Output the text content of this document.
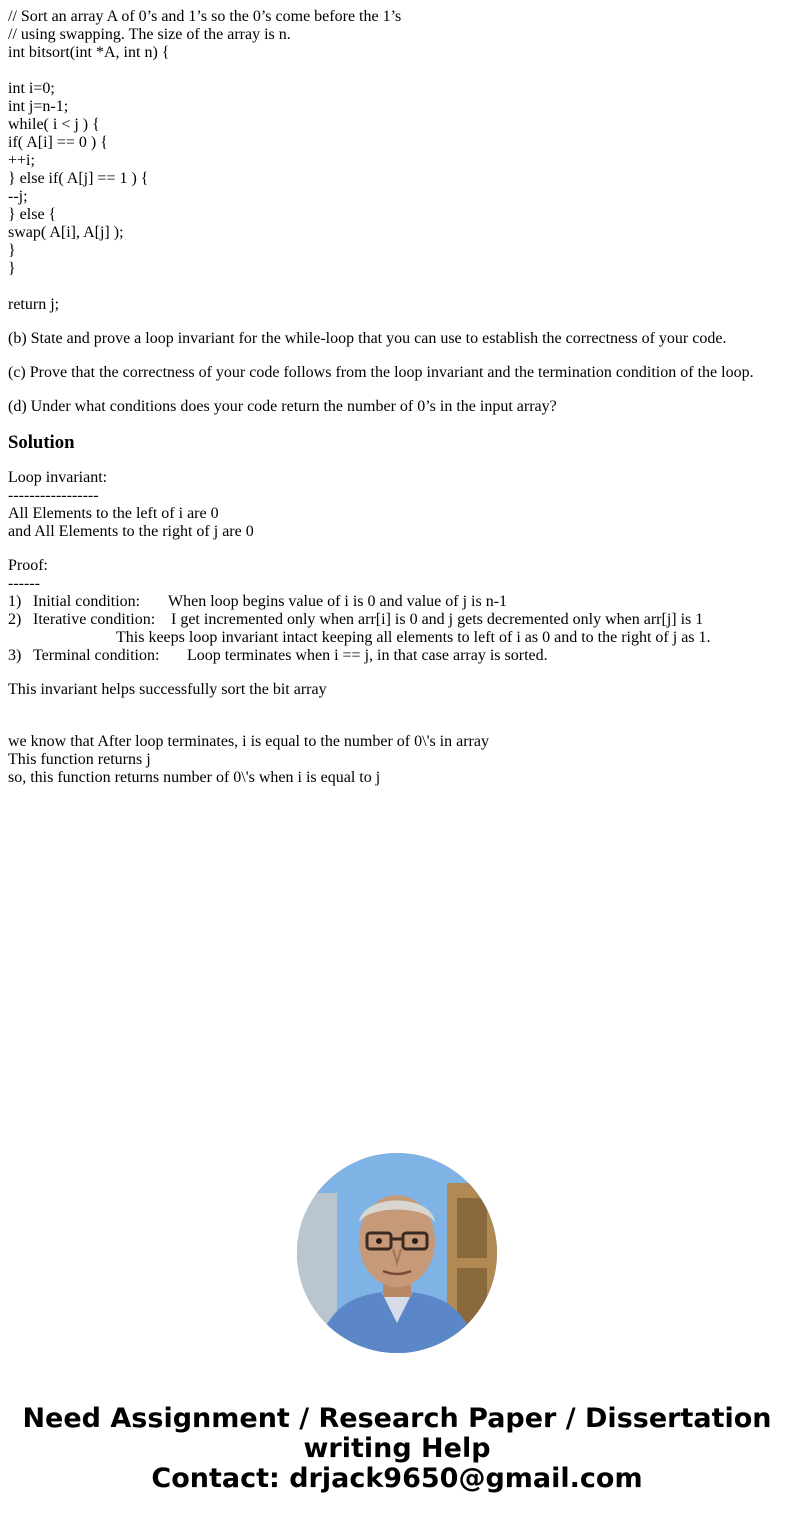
// Sort an array A of 0’s and 1’s so the 0’s come before the 1’s
// using swapping. The size of the array is n.
int bitsort(int *A, int n) {
int i=0;
int j=n-1;
while( i < j ) {
if( A[i] == 0 ) {
++i;
} else if( A[j] == 1 ) {
--j;
} else {
swap( A[i], A[j] );
}
}
return j;

(b) State and prove a loop invariant for the while-loop that you can use to establish the correctness of your code.

(c) Prove that the correctness of your code follows from the loop invariant and the termination condition of the loop.

(d) Under what conditions does your code return the number of 0’s in the input array?

Solution
Loop invariant:
-----------------
All Elements to the left of i are 0
and All Elements to the right of j are 0
Proof:
------
1) Initial condition: When loop begins value of i is 0 and value of j is n-1
2) Iterative condition: I get incremented only when arr[i] is 0 and j gets decremented only when arr[j] is 1
This keeps loop invariant intact keeping all elements to left of i as 0 and to the right of j as 1.
3) Terminal condition: Loop terminates when i == j, in that case array is sorted.

This invariant helps successfully sort the bit array

we know that After loop terminates, i is equal to the number of 0\'s in array
This function returns j
so, this function returns number of 0\'s when i is equal to j
Need Assignment / Research Paper / Dissertation
writing Help
Contact: drjack9650@gmail.com
